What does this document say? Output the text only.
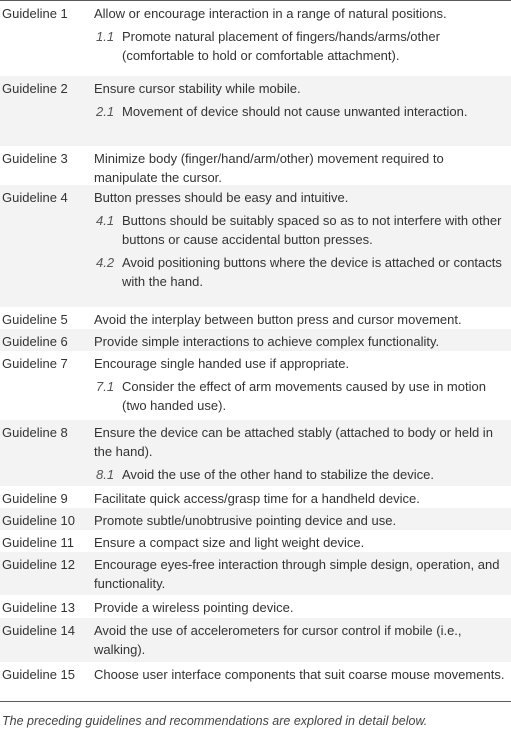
Guideline 1	Allow or encourage interaction in a range of natural positions.
1.1 Promote natural placement of fingers/hands/arms/other (comfortable to hold or comfortable attachment).
Guideline 2	Ensure cursor stability while mobile.
2.1 Movement of device should not cause unwanted interaction.
Guideline 3	Minimize body (finger/hand/arm/other) movement required to manipulate the cursor.
Guideline 4	Button presses should be easy and intuitive.
4.1 Buttons should be suitably spaced so as to not interfere with other buttons or cause accidental button presses.
4.2 Avoid positioning buttons where the device is attached or contacts with the hand.
Guideline 5	Avoid the interplay between button press and cursor movement.
Guideline 6	Provide simple interactions to achieve complex functionality.
Guideline 7	Encourage single handed use if appropriate.
7.1 Consider the effect of arm movements caused by use in motion (two handed use).
Guideline 8	Ensure the device can be attached stably (attached to body or held in the hand).
8.1 Avoid the use of the other hand to stabilize the device.
Guideline 9	Facilitate quick access/grasp time for a handheld device.
Guideline 10	Promote subtle/unobtrusive pointing device and use.
Guideline 11	Ensure a compact size and light weight device.
Guideline 12	Encourage eyes-free interaction through simple design, operation, and functionality.
Guideline 13	Provide a wireless pointing device.
Guideline 14	Avoid the use of accelerometers for cursor control if mobile (i.e., walking).
Guideline 15	Choose user interface components that suit coarse mouse movements.
The preceding guidelines and recommendations are explored in detail below.
